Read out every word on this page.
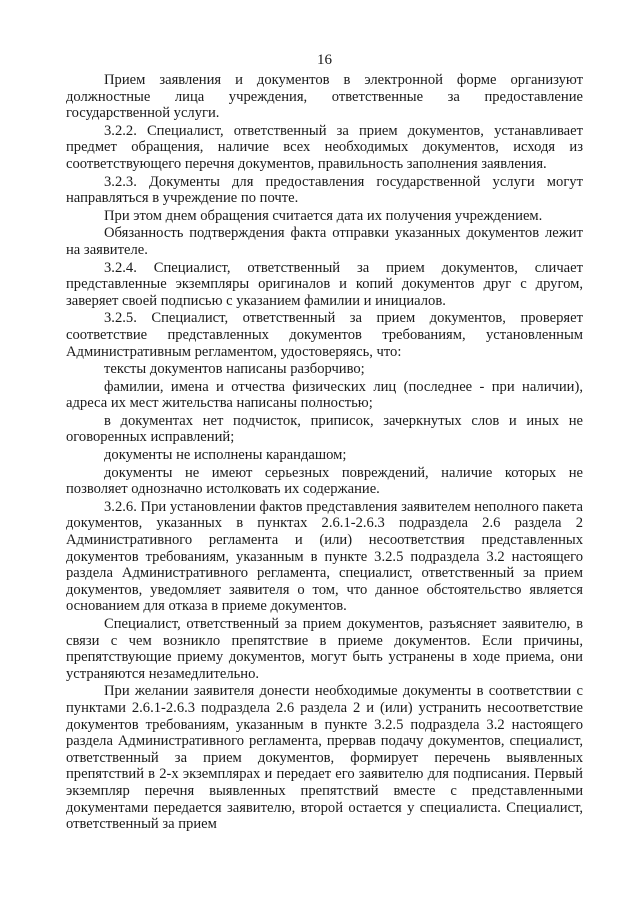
16

Прием заявления и документов в электронной форме организуют должностные лица учреждения, ответственные за предоставление государственной услуги.

3.2.2. Специалист, ответственный за прием документов, устанавливает предмет обращения, наличие всех необходимых документов, исходя из соответствующего перечня документов, правильность заполнения заявления.

3.2.3. Документы для предоставления государственной услуги могут направляться в учреждение по почте.

При этом днем обращения считается дата их получения учреждением.

Обязанность подтверждения факта отправки указанных документов лежит на заявителе.

3.2.4. Специалист, ответственный за прием документов, сличает представленные экземпляры оригиналов и копий документов друг с другом, заверяет своей подписью с указанием фамилии и инициалов.

3.2.5. Специалист, ответственный за прием документов, проверяет соответствие представленных документов требованиям, установленным Административным регламентом, удостоверяясь, что:

тексты документов написаны разборчиво;

фамилии, имена и отчества физических лиц (последнее - при наличии), адреса их мест жительства написаны полностью;

в документах нет подчисток, приписок, зачеркнутых слов и иных не оговоренных исправлений;

документы не исполнены карандашом;

документы не имеют серьезных повреждений, наличие которых не позволяет однозначно истолковать их содержание.

3.2.6. При установлении фактов представления заявителем неполного пакета документов, указанных в пунктах 2.6.1-2.6.3 подраздела 2.6 раздела 2 Административного регламента и (или) несоответствия представленных документов требованиям, указанным в пункте 3.2.5 подраздела 3.2 настоящего раздела Административного регламента, специалист, ответственный за прием документов, уведомляет заявителя о том, что данное обстоятельство является основанием для отказа в приеме документов.

Специалист, ответственный за прием документов, разъясняет заявителю, в связи с чем возникло препятствие в приеме документов. Если причины, препятствующие приему документов, могут быть устранены в ходе приема, они устраняются незамедлительно.

При желании заявителя донести необходимые документы в соответствии с пунктами 2.6.1-2.6.3 подраздела 2.6 раздела 2 и (или) устранить несоответствие документов требованиям, указанным в пункте 3.2.5 подраздела 3.2 настоящего раздела Административного регламента, прервав подачу документов, специалист, ответственный за прием документов, формирует перечень выявленных препятствий в 2-х экземплярах и передает его заявителю для подписания. Первый экземпляр перечня выявленных препятствий вместе с представленными документами передается заявителю, второй остается у специалиста. Специалист, ответственный за прием
